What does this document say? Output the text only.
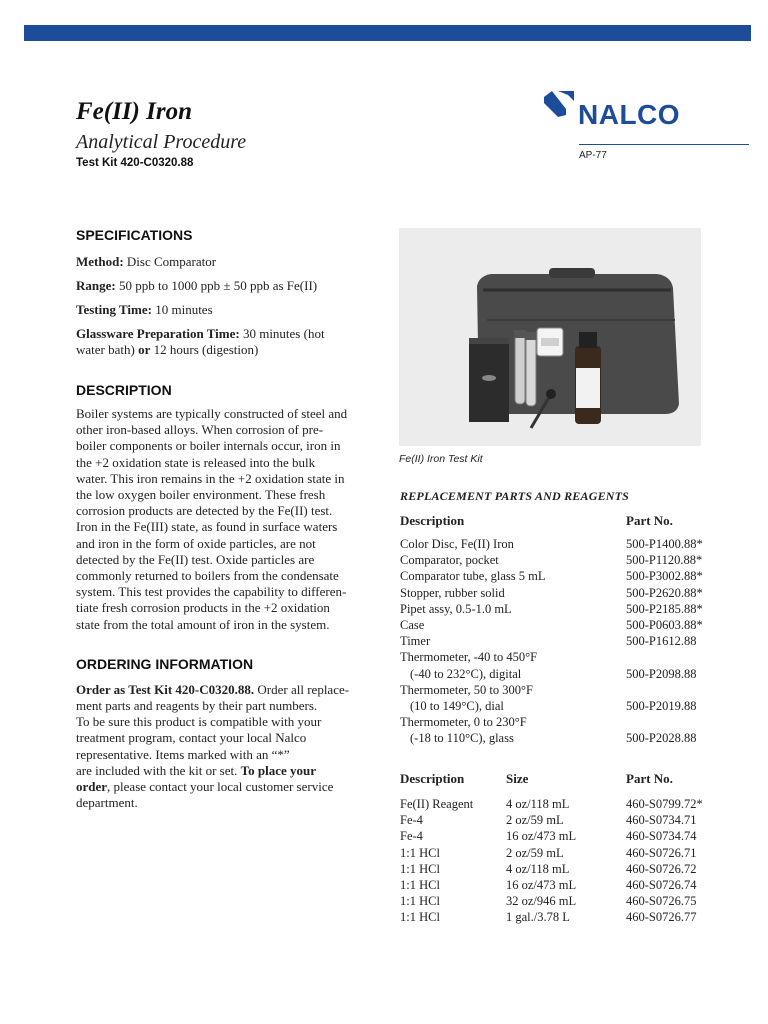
Fe(II) Iron
Analytical Procedure
Test Kit 420-C0320.88
NALCO
AP-77
SPECIFICATIONS

Method: Disc Comparator

Range: 50 ppb to 1000 ppb ± 50 ppb as Fe(II)

Testing Time: 10 minutes

Glassware Preparation Time: 30 minutes (hot
water bath) or 12 hours (digestion)

DESCRIPTION
Boiler systems are typically constructed of steel and
other iron-based alloys. When corrosion of pre-
boiler components or boiler internals occur, iron in
the +2 oxidation state is released into the bulk
water. This iron remains in the +2 oxidation state in
the low oxygen boiler environment. These fresh
corrosion products are detected by the Fe(II) test.
Iron in the Fe(III) state, as found in surface waters
and iron in the form of oxide particles, are not
detected by the Fe(II) test. Oxide particles are
commonly returned to boilers from the condensate
system. This test provides the capability to differen-
tiate fresh corrosion products in the +2 oxidation
state from the total amount of iron in the system.
ORDERING INFORMATION
Order as Test Kit 420-C0320.88. Order all replace-
ment parts and reagents by their part numbers.
To be sure this product is compatible with your
treatment program, contact your local Nalco
representative. Items marked with an “*”
are included with the kit or set. To place your
order, please contact your local customer service
department.
Fe(II) Iron Test Kit
REPLACEMENT PARTS AND REAGENTS
Description	Part No.
Color Disc, Fe(II) Iron	500-P1400.88*
Comparator, pocket	500-P1120.88*
Comparator tube, glass 5 mL	500-P3002.88*
Stopper, rubber solid	500-P2620.88*
Pipet assy, 0.5-1.0 mL	500-P2185.88*
Case	500-P0603.88*
Timer	500-P1612.88
Thermometer, -40 to 450°F	
(-40 to 232°C), digital	500-P2098.88
Thermometer, 50 to 300°F	
(10 to 149°C), dial	500-P2019.88
Thermometer, 0 to 230°F	
(-18 to 110°C), glass	500-P2028.88
Description	Size	Part No.
Fe(II) Reagent	4 oz/118 mL	460-S0799.72*
Fe-4	2 oz/59 mL	460-S0734.71
Fe-4	16 oz/473 mL	460-S0734.74
1:1 HCl	2 oz/59 mL	460-S0726.71
1:1 HCl	4 oz/118 mL	460-S0726.72
1:1 HCl	16 oz/473 mL	460-S0726.74
1:1 HCl	32 oz/946 mL	460-S0726.75
1:1 HCl	1 gal./3.78 L	460-S0726.77
